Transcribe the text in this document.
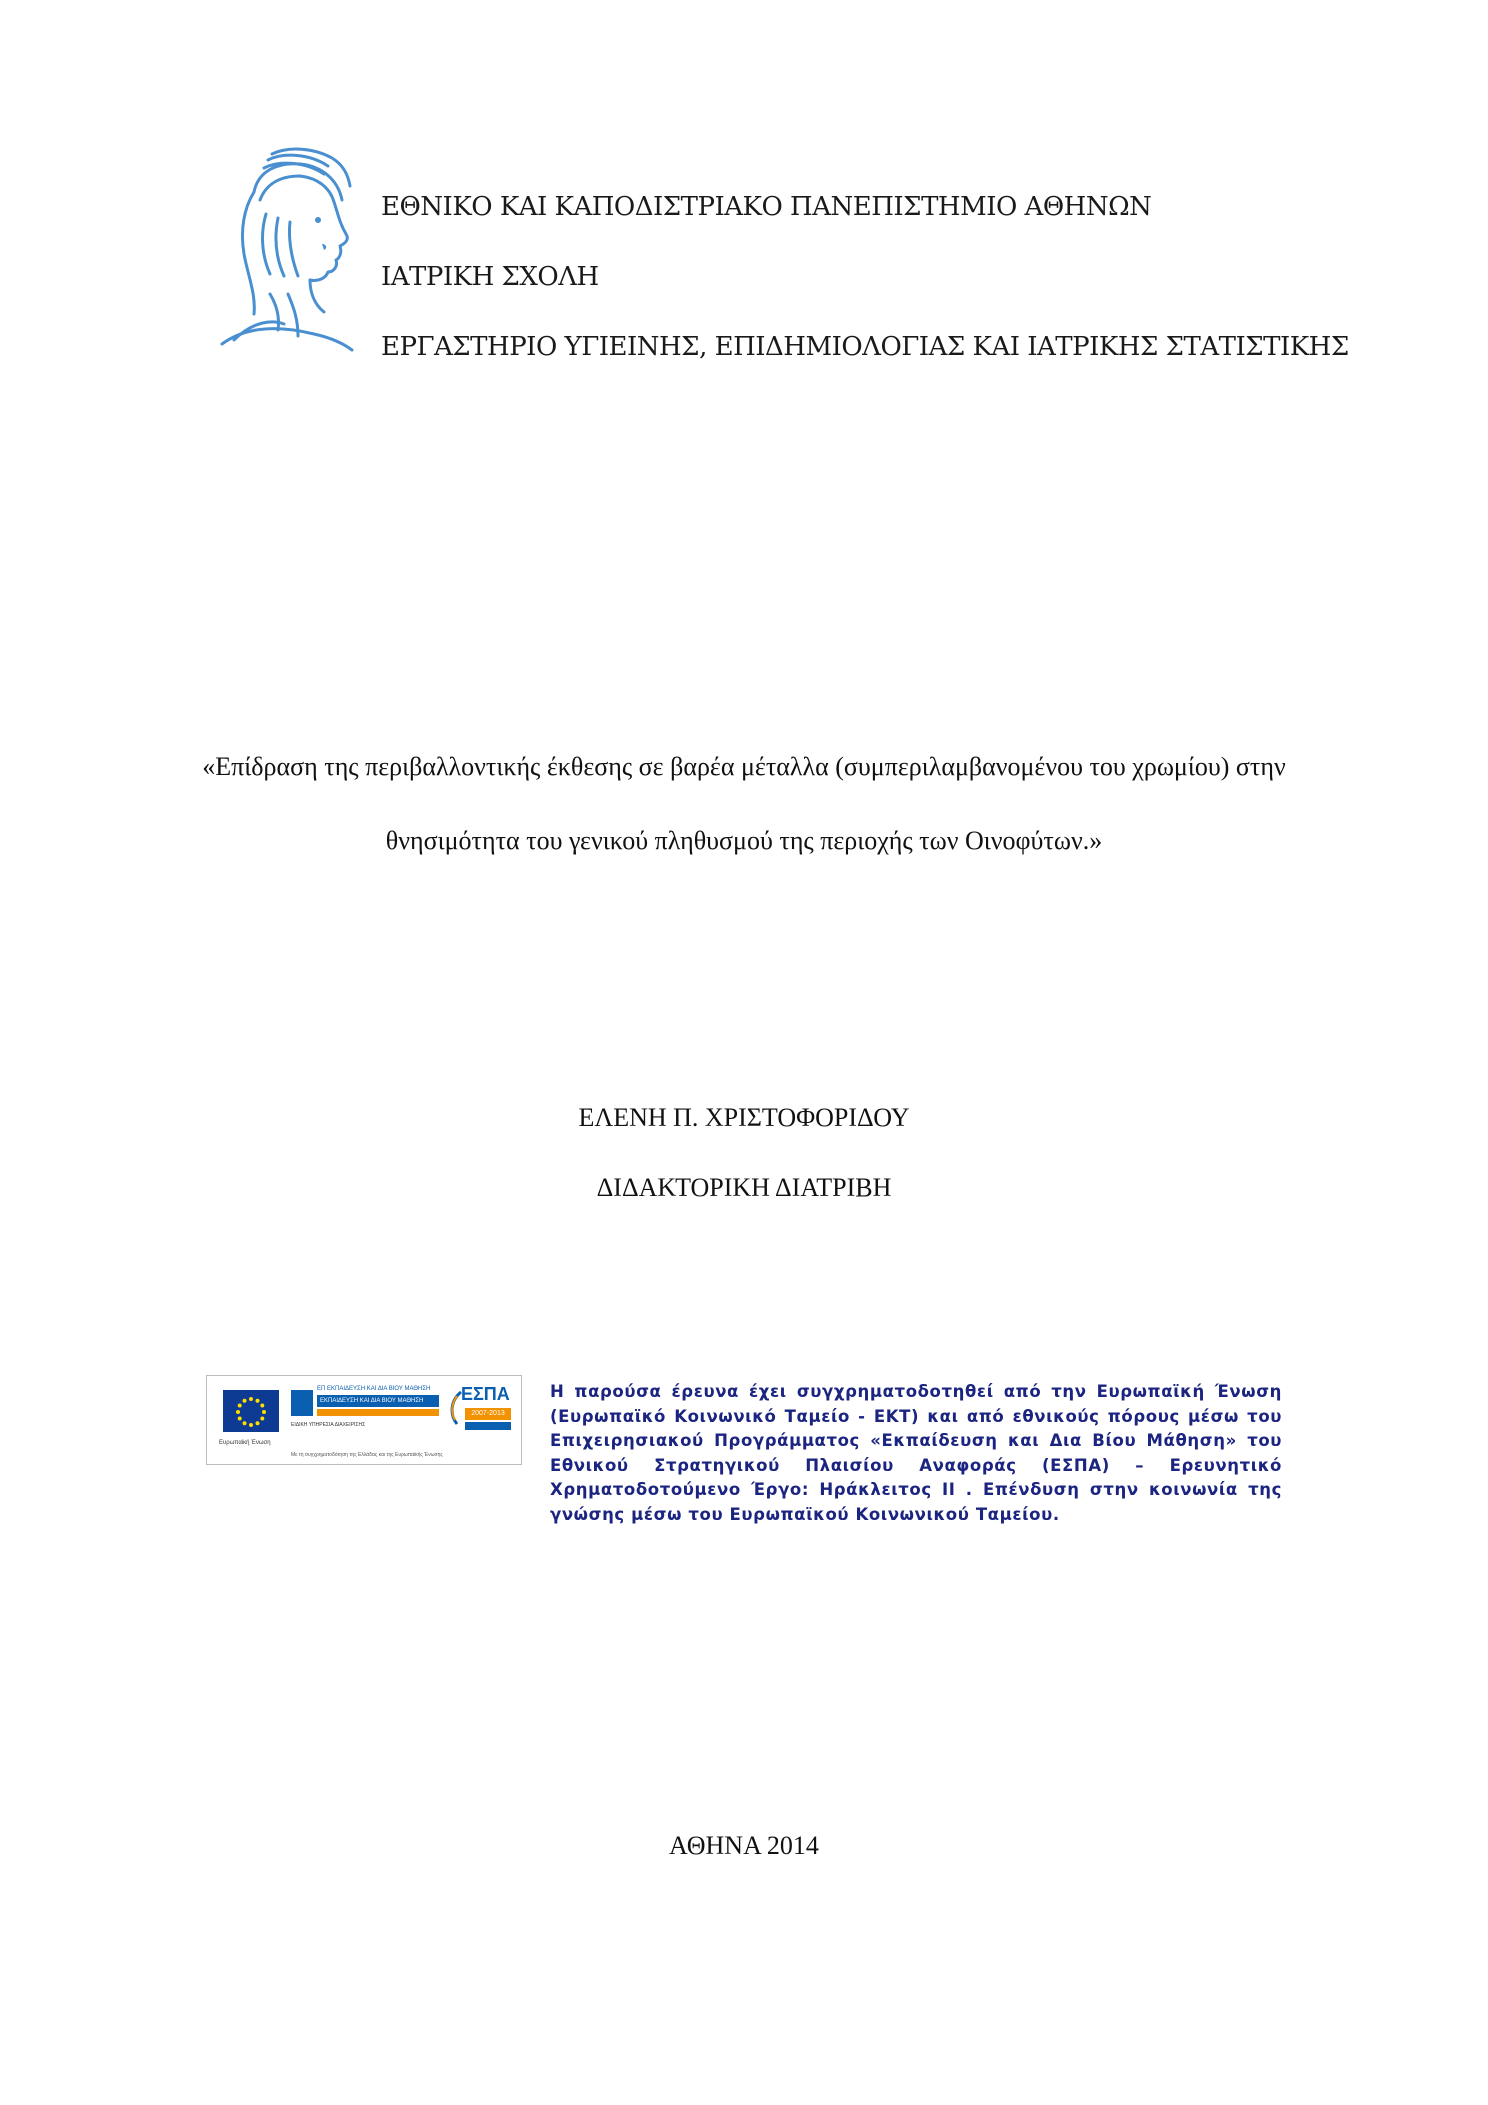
ΕΘΝΙΚΟ ΚΑΙ ΚΑΠΟΔΙΣΤΡΙΑΚΟ ΠΑΝΕΠΙΣΤΗΜΙΟ ΑΘΗΝΩΝ
ΙΑΤΡΙΚΗ ΣΧΟΛΗ
ΕΡΓΑΣΤΗΡΙΟ ΥΓΙΕΙΝΗΣ, ΕΠΙΔΗΜΙΟΛΟΓΙΑΣ ΚΑΙ ΙΑΤΡΙΚΗΣ ΣΤΑΤΙΣΤΙΚΗΣ
«Επίδραση της περιβαλλοντικής έκθεσης σε βαρέα μέταλλα (συμπεριλαμβανομένου του χρωμίου) στην
θνησιμότητα του γενικού πληθυσμού της περιοχής των Οινοφύτων.»
ΕΛΕΝΗ Π. ΧΡΙΣΤΟΦΟΡΙΔΟΥ
ΔΙΔΑΚΤΟΡΙΚΗ ΔΙΑΤΡΙΒΗ
Ευρωπαϊκή Ένωση
ΕΠ ΕΚΠΑΙΔΕΥΣΗ ΚΑΙ ΔΙΑ ΒΙΟΥ ΜΑΘΗΣΗ
ΕΚΠΑΙΔΕΥΣΗ ΚΑΙ ΔΙΑ ΒΙΟΥ ΜΑΘΗΣΗ
ΕΙΔΙΚΗ ΥΠΗΡΕΣΙΑ ΔΙΑΧΕΙΡΙΣΗΣ
ΕΣΠΑ
2007-2013
Με τη συγχρηματοδότηση της Ελλάδας και της Ευρωπαϊκής Ένωσης
Η παρούσα έρευνα έχει συγχρηματοδοτηθεί από την Ευρωπαϊκή Ένωση (Ευρωπαϊκό Κοινωνικό Ταμείο - ΕΚΤ) και από εθνικούς πόρους μέσω του Επιχειρησιακού Προγράμματος «Εκπαίδευση και Δια Βίου Μάθηση» του Εθνικού Στρατηγικού Πλαισίου Αναφοράς (ΕΣΠΑ) – Ερευνητικό Χρηματοδοτούμενο Έργο: Ηράκλειτος ΙΙ . Επένδυση στην κοινωνία της γνώσης μέσω του Ευρωπαϊκού Κοινωνικού Ταμείου.
ΑΘΗΝΑ 2014
